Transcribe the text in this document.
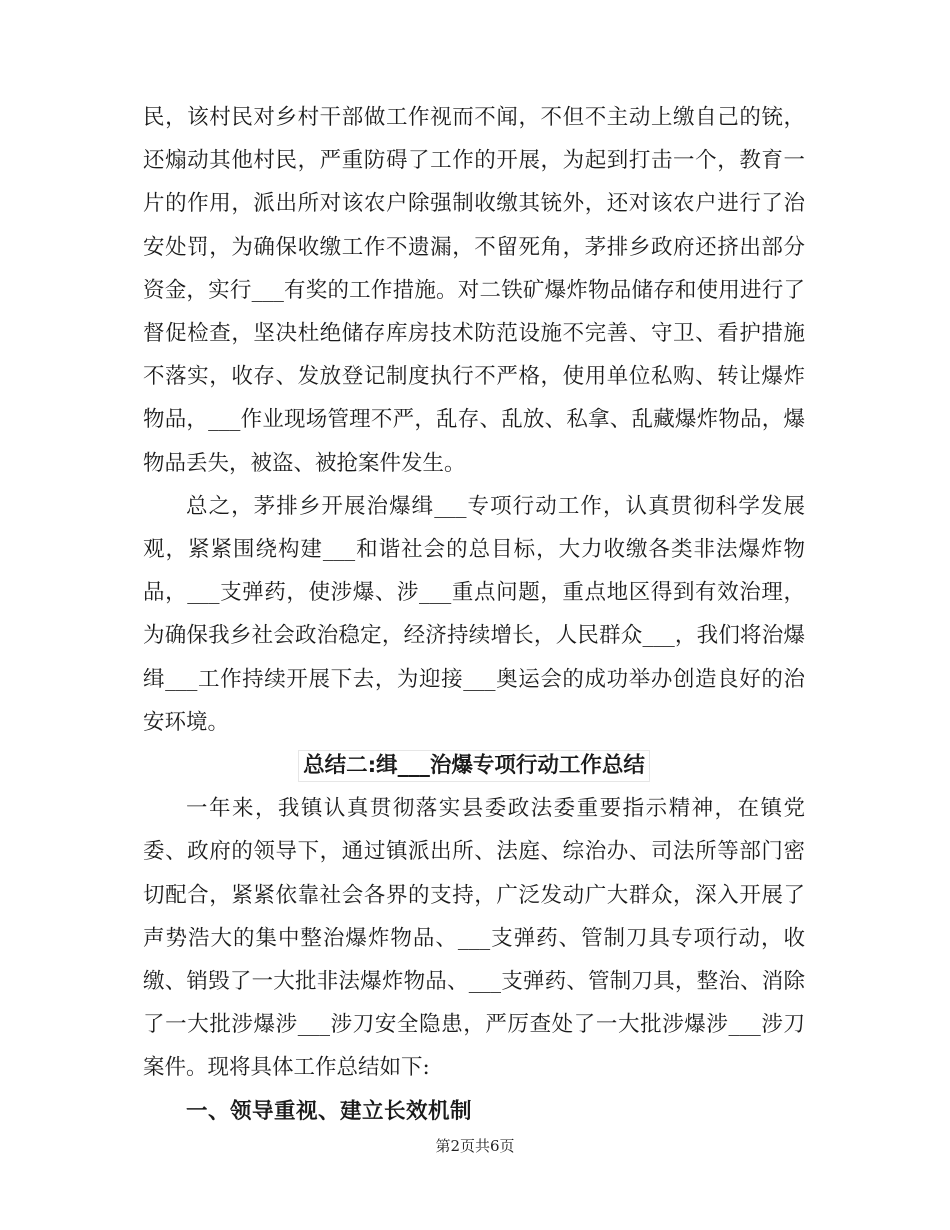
民，该村民对乡村干部做工作视而不闻，不但不主动上缴自己的铳，还煽动其他村民，严重防碍了工作的开展，为起到打击一个，教育一片的作用，派出所对该农户除强制收缴其铳外，还对该农户进行了治安处罚，为确保收缴工作不遗漏，不留死角，茅排乡政府还挤出部分资金，实行___有奖的工作措施。对二铁矿爆炸物品储存和使用进行了督促检查，坚决杜绝储存库房技术防范设施不完善、守卫、看护措施不落实，收存、发放登记制度执行不严格，使用单位私购、转让爆炸物品，___作业现场管理不严，乱存、乱放、私拿、乱藏爆炸物品，爆物品丢失，被盗、被抢案件发生。

总之，茅排乡开展治爆缉___专项行动工作，认真贯彻科学发展观，紧紧围绕构建___和谐社会的总目标，大力收缴各类非法爆炸物品，___支弹药，使涉爆、涉___重点问题，重点地区得到有效治理，为确保我乡社会政治稳定，经济持续增长，人民群众___，我们将治爆缉___工作持续开展下去，为迎接___奥运会的成功举办创造良好的治安环境。

总结二:缉___治爆专项行动工作总结

一年来，我镇认真贯彻落实县委政法委重要指示精神，在镇党委、政府的领导下，通过镇派出所、法庭、综治办、司法所等部门密切配合，紧紧依靠社会各界的支持，广泛发动广大群众，深入开展了声势浩大的集中整治爆炸物品、___支弹药、管制刀具专项行动，收缴、销毁了一大批非法爆炸物品、___支弹药、管制刀具，整治、消除了一大批涉爆涉___涉刀安全隐患，严厉查处了一大批涉爆涉___涉刀案件。现将具体工作总结如下:

一、领导重视、建立长效机制

第2页共6页
